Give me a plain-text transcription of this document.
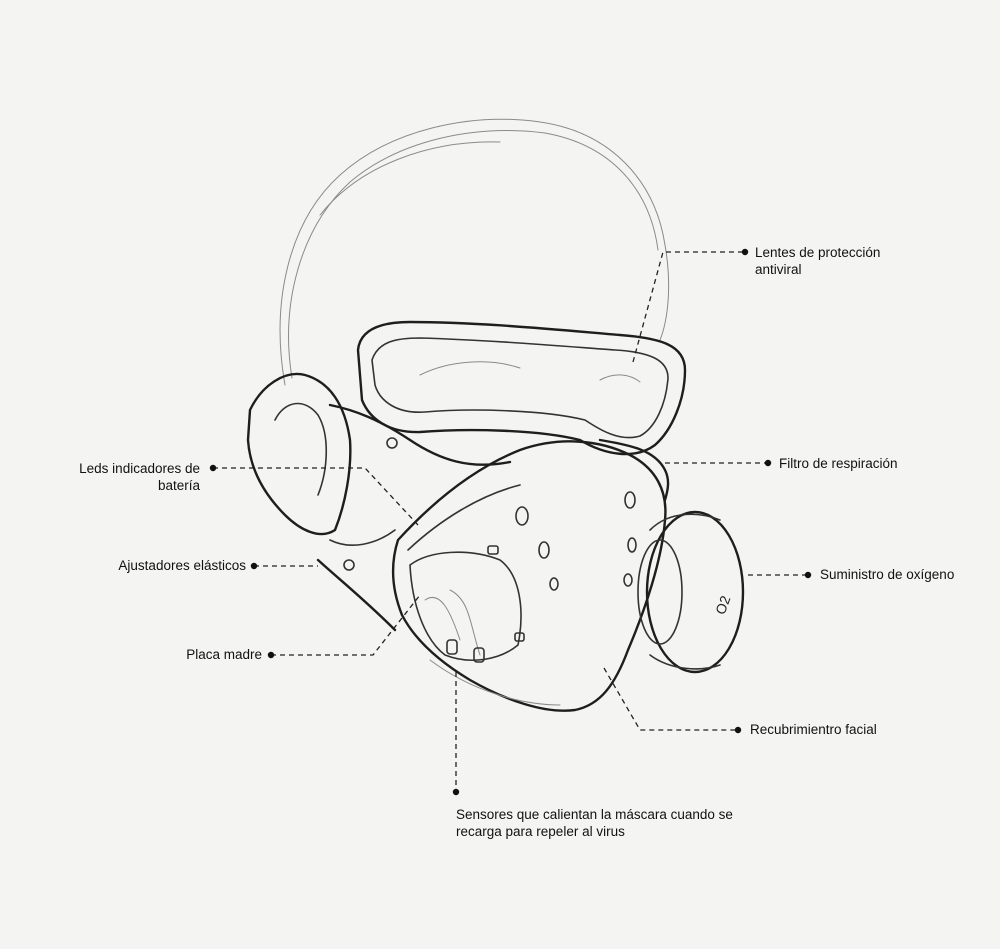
O2
Lentes de protección
antiviral
Filtro de respiración
Suministro de oxígeno
Recubrimientro facial
Sensores que calientan la máscara cuando se
recarga para repeler al virus
Placa madre
Ajustadores elásticos
Leds indicadores de
batería
